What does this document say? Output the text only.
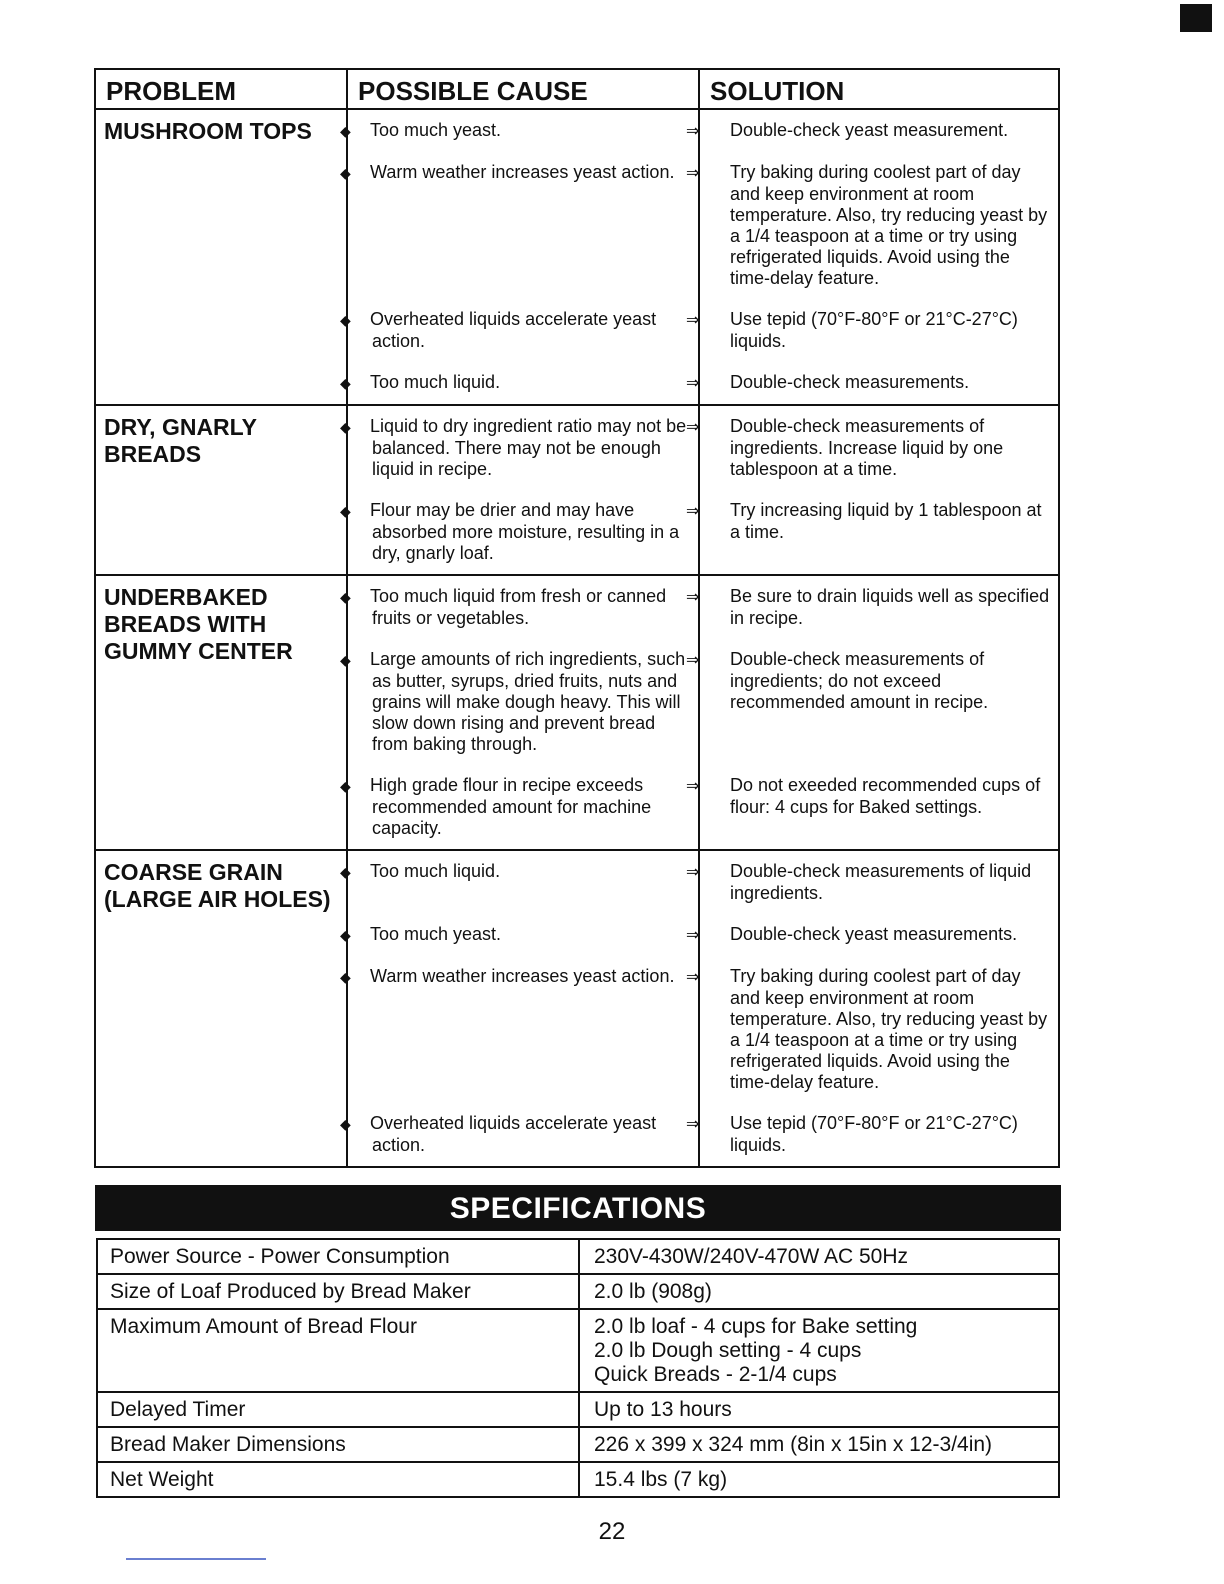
PROBLEM	POSSIBLE CAUSE	SOLUTION
MUSHROOM TOPS	◆ Too much yeast.	⇒ Double-check yeast measurement.
◆ Warm weather increases yeast action. ⇒ Try baking during coolest part of day and keep environment at room temperature. Also, try reducing yeast by a 1/4 teaspoon at a time or try using refrigerated liquids. Avoid using the time-delay feature.
◆ Overheated liquids accelerate yeast action.
⇒ Use tepid (70°F-80°F or 21°C-27°C) liquids.
◆ Too much liquid.	⇒ Double-check measurements.
DRY, GNARLY BREADS
◆ Liquid to dry ingredient ratio may not be balanced. There may not be enough liquid in recipe.
⇒ Double-check measurements of ingredients. Increase liquid by one tablespoon at a time.
◆ Flour may be drier and may have absorbed more moisture, resulting in a dry, gnarly loaf.
⇒ Try increasing liquid by 1 tablespoon at a time.
UNDERBAKED BREADS WITH GUMMY CENTER
◆ Too much liquid from fresh or canned fruits or vegetables.
⇒ Be sure to drain liquids well as specified in recipe.
◆ Large amounts of rich ingredients, such as butter, syrups, dried fruits, nuts and grains will make dough heavy. This will slow down rising and prevent bread from baking through.
⇒ Double-check measurements of ingredients; do not exceed recommended amount in recipe.
◆ High grade flour in recipe exceeds recommended amount for machine capacity.
⇒ Do not exeeded recommended cups of flour: 4 cups for Baked settings.
COARSE GRAIN (LARGE AIR HOLES)
◆ Too much liquid.	⇒ Double-check measurements of liquid ingredients.
◆ Too much yeast.	⇒ Double-check yeast measurements.
◆ Warm weather increases yeast action. ⇒ Try baking during coolest part of day and keep environment at room temperature. Also, try reducing yeast by a 1/4 teaspoon at a time or try using refrigerated liquids. Avoid using the time-delay feature.
◆ Overheated liquids accelerate yeast action.
⇒ Use tepid (70°F-80°F or 21°C-27°C) liquids.
SPECIFICATIONS
Power Source - Power Consumption	230V-430W/240V-470W AC 50Hz
Size of Loaf Produced by Bread Maker	2.0 lb (908g)
Maximum Amount of Bread Flour	2.0 lb loaf - 4 cups for Bake setting
2.0 lb Dough setting - 4 cups
Quick Breads - 2-1/4 cups
Delayed Timer	Up to 13 hours
Bread Maker Dimensions	226 x 399 x 324 mm (8in x 15in x 12-3/4in)
Net Weight	15.4 lbs (7 kg)
22
